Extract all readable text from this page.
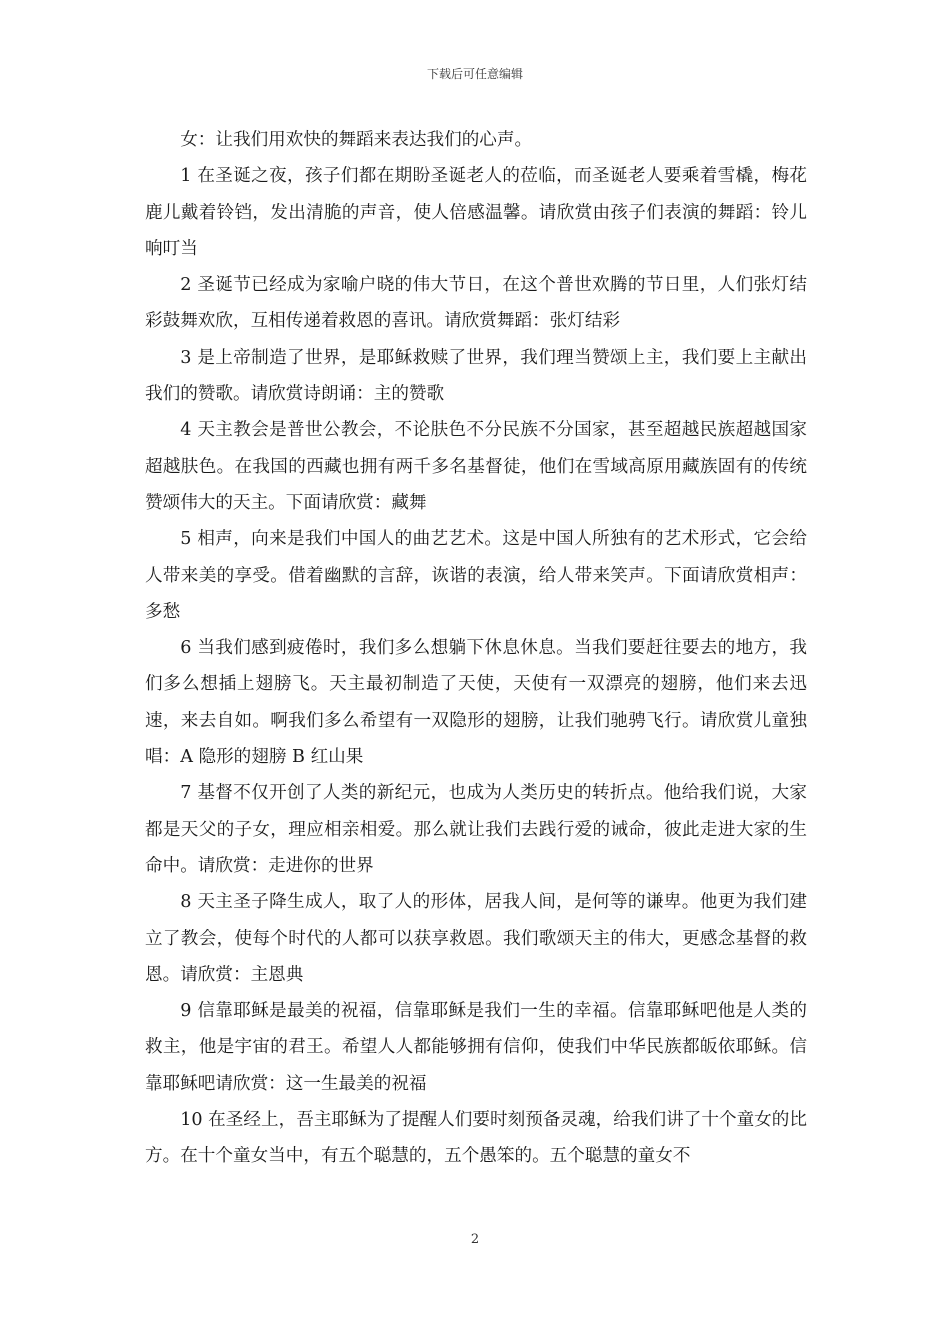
下载后可任意编辑

女：让我们用欢快的舞蹈来表达我们的心声。

1 在圣诞之夜，孩子们都在期盼圣诞老人的莅临，而圣诞老人要乘着雪橇，梅花鹿儿戴着铃铛，发出清脆的声音，使人倍感温馨。请欣赏由孩子们表演的舞蹈：铃儿响叮当

2 圣诞节已经成为家喻户晓的伟大节日，在这个普世欢腾的节日里，人们张灯结彩鼓舞欢欣，互相传递着救恩的喜讯。请欣赏舞蹈：张灯结彩

3 是上帝制造了世界，是耶稣救赎了世界，我们理当赞颂上主，我们要上主献出我们的赞歌。请欣赏诗朗诵：主的赞歌

4 天主教会是普世公教会，不论肤色不分民族不分国家，甚至超越民族超越国家超越肤色。在我国的西藏也拥有两千多名基督徒，他们在雪域高原用藏族固有的传统赞颂伟大的天主。下面请欣赏：藏舞

5 相声，向来是我们中国人的曲艺艺术。这是中国人所独有的艺术形式，它会给人带来美的享受。借着幽默的言辞，诙谐的表演，给人带来笑声。下面请欣赏相声：多愁

6 当我们感到疲倦时，我们多么想躺下休息休息。当我们要赶往要去的地方，我们多么想插上翅膀飞。天主最初制造了天使，天使有一双漂亮的翅膀，他们来去迅速，来去自如。啊我们多么希望有一双隐形的翅膀，让我们驰骋飞行。请欣赏儿童独唱：A 隐形的翅膀 B 红山果

7 基督不仅开创了人类的新纪元，也成为人类历史的转折点。他给我们说，大家都是天父的子女，理应相亲相爱。那么就让我们去践行爱的诫命，彼此走进大家的生命中。请欣赏：走进你的世界

8 天主圣子降生成人，取了人的形体，居我人间，是何等的谦卑。他更为我们建立了教会，使每个时代的人都可以获享救恩。我们歌颂天主的伟大，更感念基督的救恩。请欣赏：主恩典

9 信靠耶稣是最美的祝福，信靠耶稣是我们一生的幸福。信靠耶稣吧他是人类的救主，他是宇宙的君王。希望人人都能够拥有信仰，使我们中华民族都皈依耶稣。信靠耶稣吧请欣赏：这一生最美的祝福

10 在圣经上，吾主耶稣为了提醒人们要时刻预备灵魂，给我们讲了十个童女的比方。在十个童女当中，有五个聪慧的，五个愚笨的。五个聪慧的童女不

2
